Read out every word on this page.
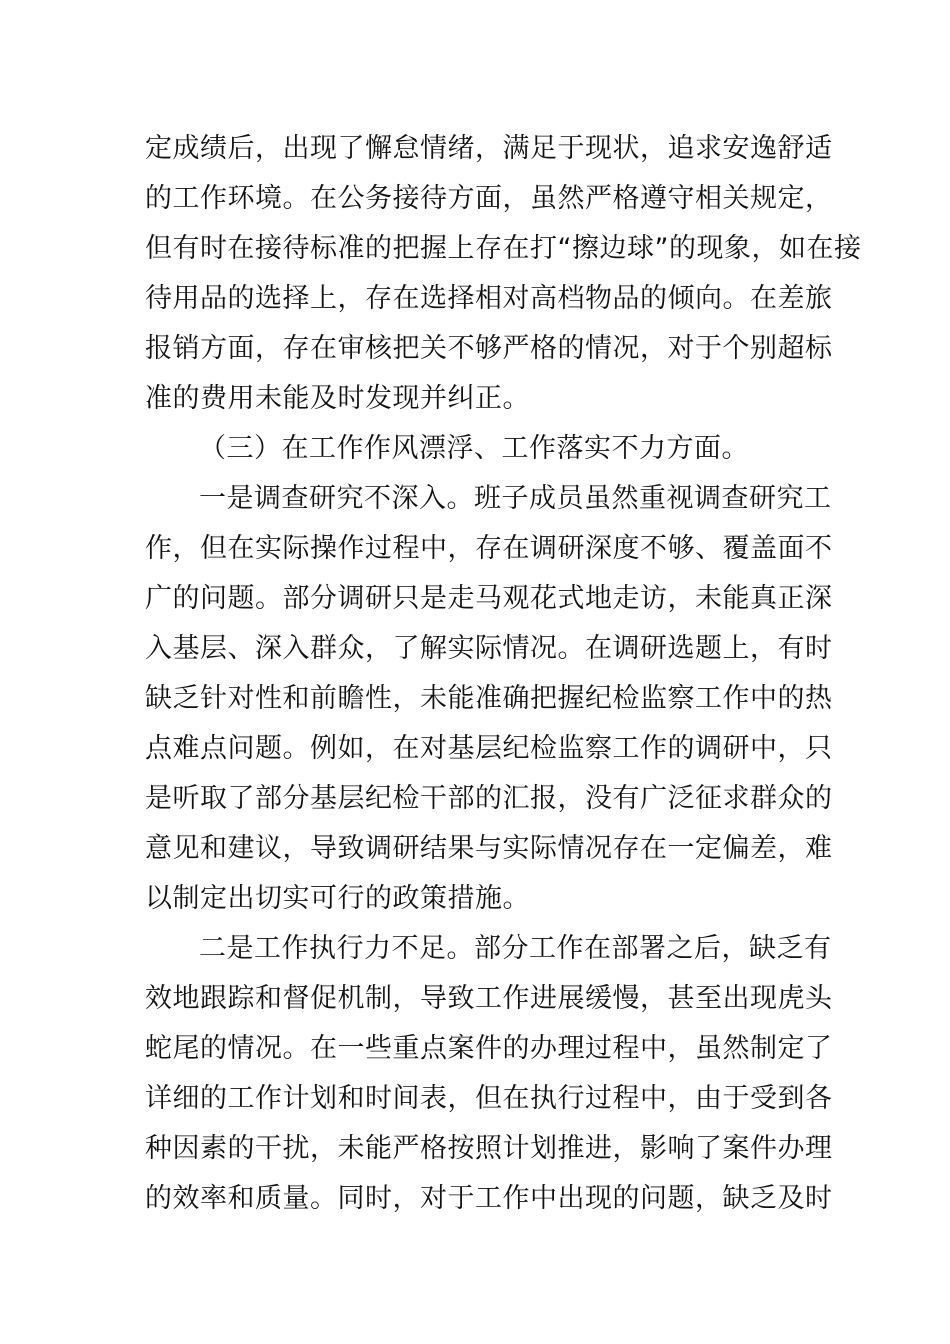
定成绩后，出现了懈怠情绪，满足于现状，追求安逸舒适
的工作环境。在公务接待方面，虽然严格遵守相关规定，
但有时在接待标准的把握上存在打“擦边球”的现象，如在接
待用品的选择上，存在选择相对高档物品的倾向。在差旅
报销方面，存在审核把关不够严格的情况，对于个别超标
准的费用未能及时发现并纠正。
（三）在工作作风漂浮、工作落实不力方面。
一是调查研究不深入。班子成员虽然重视调查研究工
作，但在实际操作过程中，存在调研深度不够、覆盖面不
广的问题。部分调研只是走马观花式地走访，未能真正深
入基层、深入群众，了解实际情况。在调研选题上，有时
缺乏针对性和前瞻性，未能准确把握纪检监察工作中的热
点难点问题。例如，在对基层纪检监察工作的调研中，只
是听取了部分基层纪检干部的汇报，没有广泛征求群众的
意见和建议，导致调研结果与实际情况存在一定偏差，难
以制定出切实可行的政策措施。
二是工作执行力不足。部分工作在部署之后，缺乏有
效地跟踪和督促机制，导致工作进展缓慢，甚至出现虎头
蛇尾的情况。在一些重点案件的办理过程中，虽然制定了
详细的工作计划和时间表，但在执行过程中，由于受到各
种因素的干扰，未能严格按照计划推进，影响了案件办理
的效率和质量。同时，对于工作中出现的问题，缺乏及时
